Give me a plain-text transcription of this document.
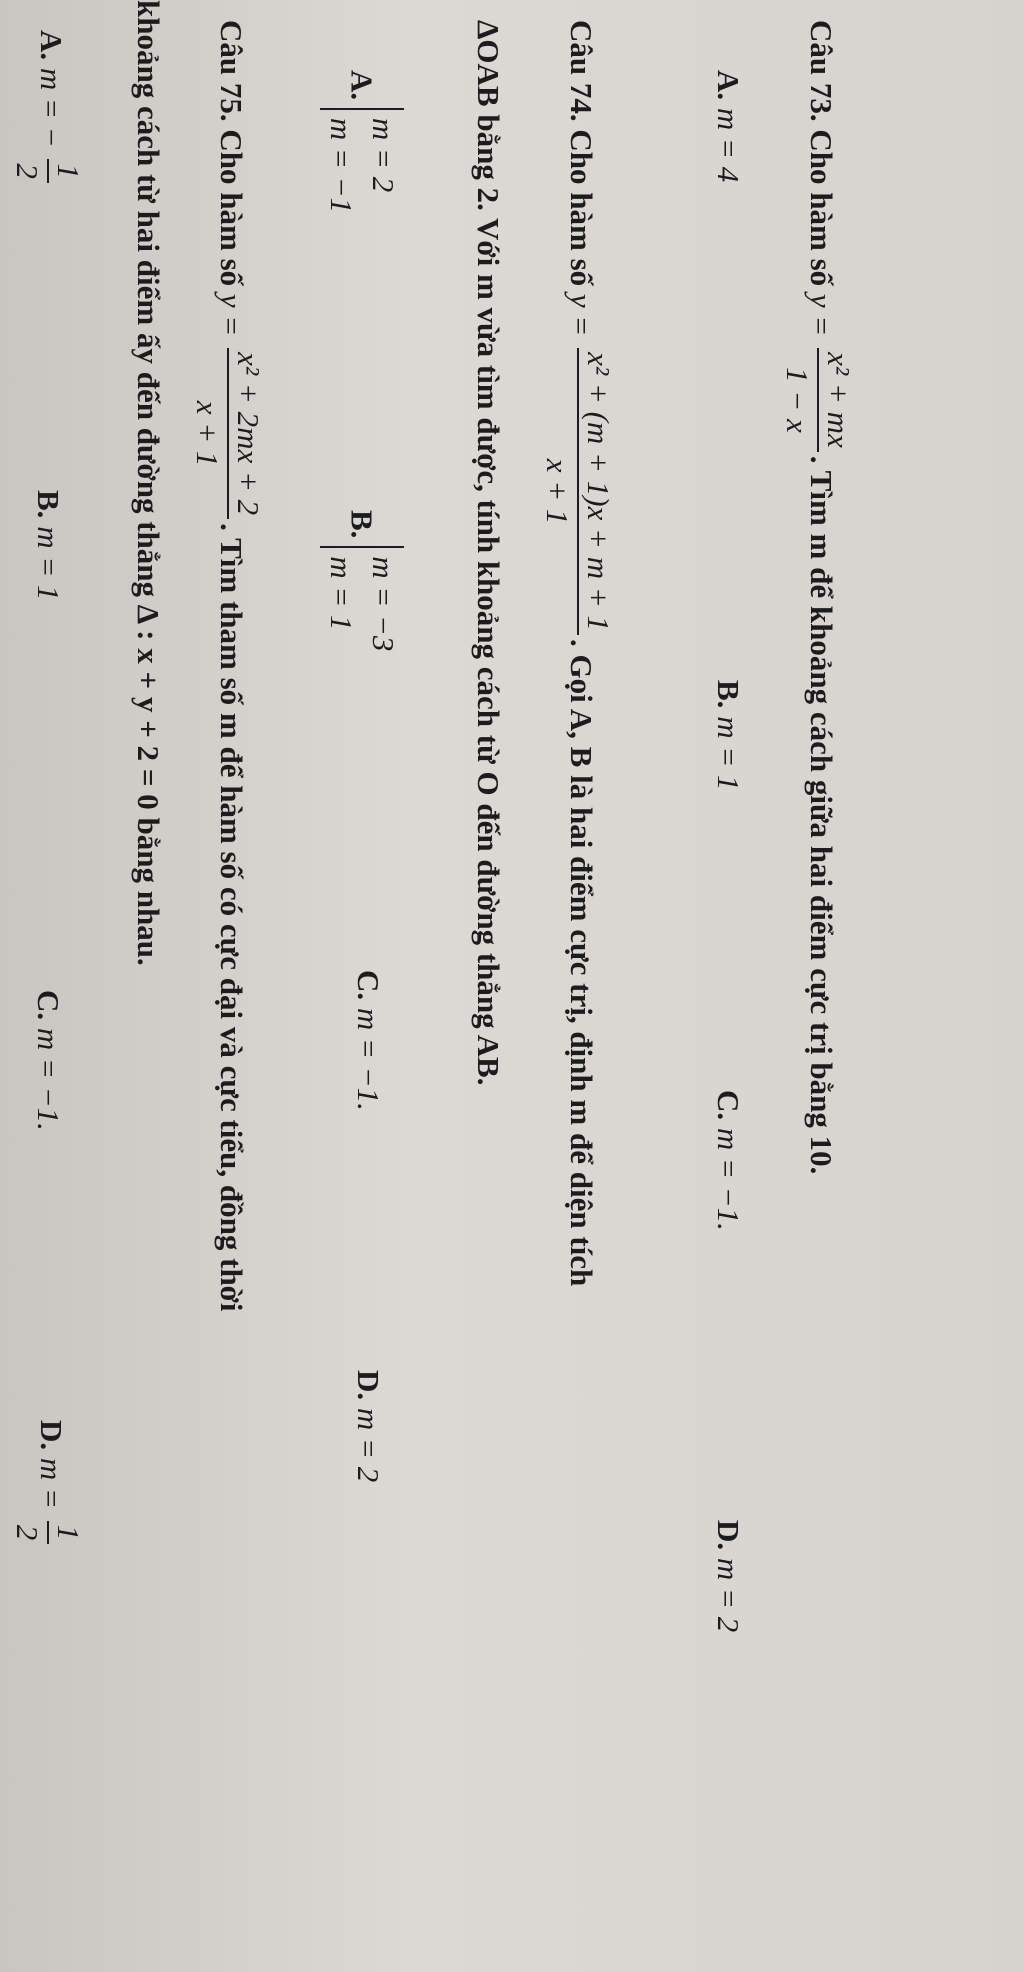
Câu 73. Cho hàm số y =
x² + mx
1 − x
. Tìm m để khoảng cách giữa hai điểm cực trị bằng 10.
A. m = 4
B. m = 1
C. m = −1.
D. m = 2
Câu 74. Cho hàm số y =
x² + (m + 1)x + m + 1
x + 1
. Gọi A, B là hai điểm cực trị, định m để diện tích
ΔOAB bằng 2. Với m vừa tìm được, tính khoảng cách từ O đến đường thẳng AB.
A.
m = 2
m = −1
B.
m = −3
m = 1
C. m = −1.
D. m = 2
Câu 75. Cho hàm số y =
x² + 2mx + 2
x + 1
. Tìm tham số m để hàm số có cực đại và cực tiểu, đồng thời
khoảng cách từ hai điểm ấy đến đường thẳng Δ : x + y + 2 = 0 bằng nhau.
A. m = −
1
2
B. m = 1
C. m = −1.
D. m =
1
2
